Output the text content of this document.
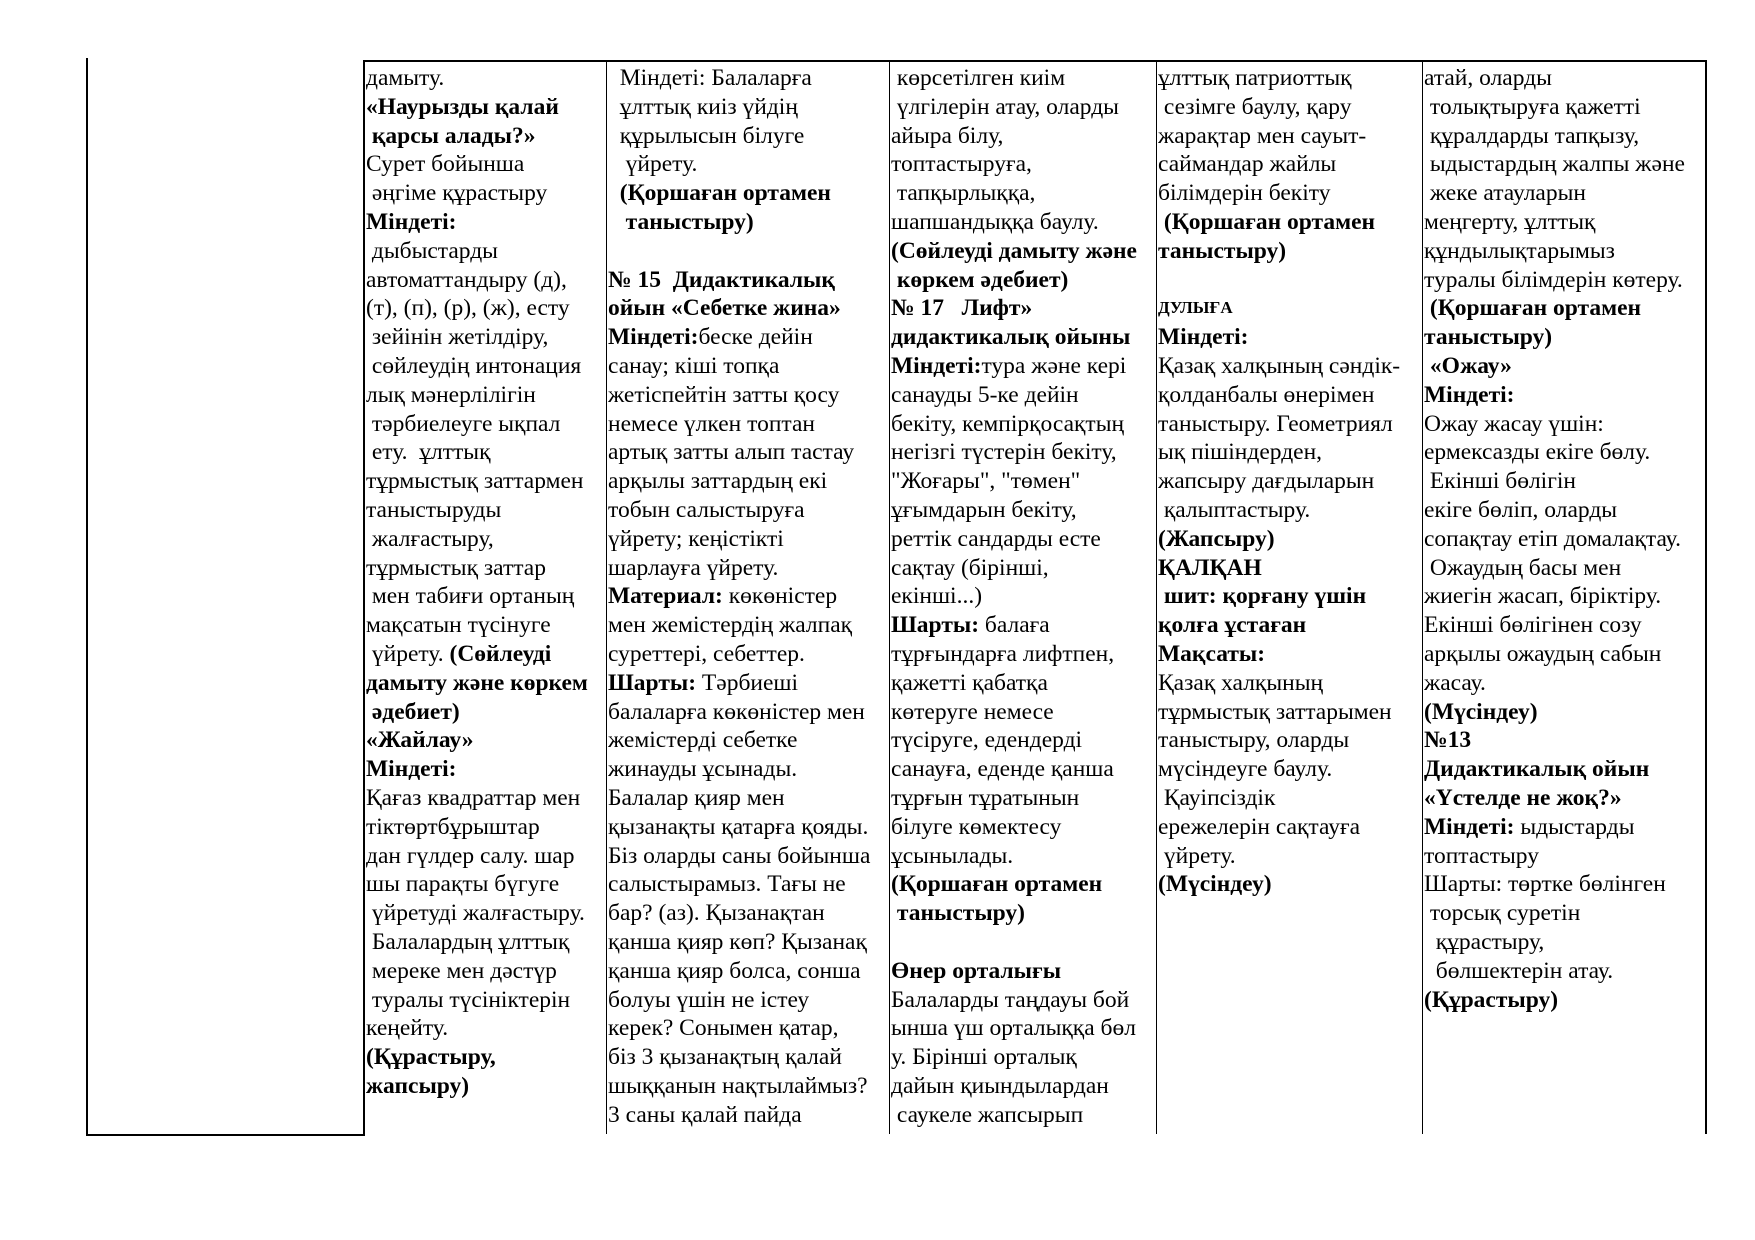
дамыту.
«Наурызды қалай
қарсы алады?»
Сурет бойынша
әңгіме құрастыру
Міндеті:
дыбыстарды
автоматтандыру (д),
(т), (п), (р), (ж), есту
зейінін жетілдіру,
сөйлеудің интонация
лық мәнерлілігін
тәрбиелеуге ықпал
ету.  ұлттық
тұрмыстық заттармен
таныстыруды
жалғастыру,
тұрмыстық заттар
мен табиғи ортаның
мақсатын түсінуге
үйрету. (Сөйлеуді
дамыту және көркем
әдебиет)
«Жайлау»
Міндеті:
Қағаз квадраттар мен
тіктөртбұрыштар
дан гүлдер салу. шар
шы парақты бүгуге
үйретуді жалғастыру.
Балалардың ұлттық
мереке мен дәстүр
туралы түсініктерін
кеңейту.
(Құрастыру,
жапсыру)
Міндеті: Балаларға
ұлттық киіз үйдің
құрылысын білуге
үйрету.
(Қоршаған ортамен
таныстыру)
№ 15  Дидактикалық
ойын «Себетке жина»
Міндеті:беске дейін
санау; кіші топқа
жетіспейтін затты қосу
немесе үлкен топтан
артық затты алып тастау
арқылы заттардың екі
тобын салыстыруға
үйрету; кеңістікті
шарлауға үйрету.
Материал: көкөністер
мен жемістердің жалпақ
суреттері, себеттер.
Шарты: Тәрбиеші
балаларға көкөністер мен
жемістерді себетке
жинауды ұсынады.
Балалар қияр мен
қызанақты қатарға қояды.
Біз оларды саны бойынша
салыстырамыз. Тағы не
бар? (аз). Қызанақтан
қанша қияр көп? Қызанақ
қанша қияр болса, сонша
болуы үшін не істеу
керек? Сонымен қатар,
біз 3 қызанақтың қалай
шыққанын нақтылаймыз?
3 саны қалай пайда
көрсетілген киім
үлгілерін атау, оларды
айыра білу,
топтастыруға,
тапқырлыққа,
шапшандыққа баулу.
(Сөйлеуді дамыту және
көркем әдебиет)
№ 17   Лифт»
дидактикалық ойыны
Міндеті:тура және кері
санауды 5-ке дейін
бекіту, кемпірқосақтың
негізгі түстерін бекіту,
"Жоғары", "төмен"
ұғымдарын бекіту,
реттік сандарды есте
сақтау (бірінші,
екінші...)
Шарты: балаға
тұрғындарға лифтпен,
қажетті қабатқа
көтеруге немесе
түсіруге, едендерді
санауға, еденде қанша
тұрғын тұратынын
білуге көмектесу
ұсынылады.
(Қоршаған ортамен
таныстыру)
Өнер орталығы
Балаларды таңдауы бой
ынша үш орталыққа бөл
у. Бірінші орталық
дайын қиындылардан
саукеле жапсырып
ұлттық патриоттық
сезімге баулу, қару
жарақтар мен сауыт-
саймандар жайлы
білімдерін бекіту
(Қоршаған ортамен
таныстыру)
ДУЛЫҒА
Міндеті:
Қазақ халқының сәндік-
қолданбалы өнерімен
таныстыру. Геометриял
ық пішіндерден,
жапсыру дағдыларын
қалыптастыру.
(Жапсыру)
ҚАЛҚАН
шит: қорғану үшін
қолға ұстаған
Мақсаты:
Қазақ халқының
тұрмыстық заттарымен
таныстыру, оларды
мүсіндеуге баулу.
Қауіпсіздік
ережелерін сақтауға
үйрету.
(Мүсіндеу)
атай, оларды
толықтыруға қажетті
құралдарды тапқызу,
ыдыстардың жалпы және
жеке атауларын
меңгерту, ұлттық
құндылықтарымыз
туралы білімдерін көтеру.
(Қоршаған ортамен
таныстыру)
«Ожау»
Міндеті:
Ожау жасау үшін:
ермексазды екіге бөлу.
Екінші бөлігін
екіге бөліп, оларды
сопақтау етіп домалақтау.
Ожаудың басы мен
жиегін жасап, біріктіру.
Екінші бөлігінен созу
арқылы ожаудың сабын
жасау.
(Мүсіндеу)
№13
Дидактикалық ойын
«Үстелде не жоқ?»
Міндеті: ыдыстарды
топтастыру
Шарты: төртке бөлінген
торсық суретін
құрастыру,
бөлшектерін атау.
(Құрастыру)
